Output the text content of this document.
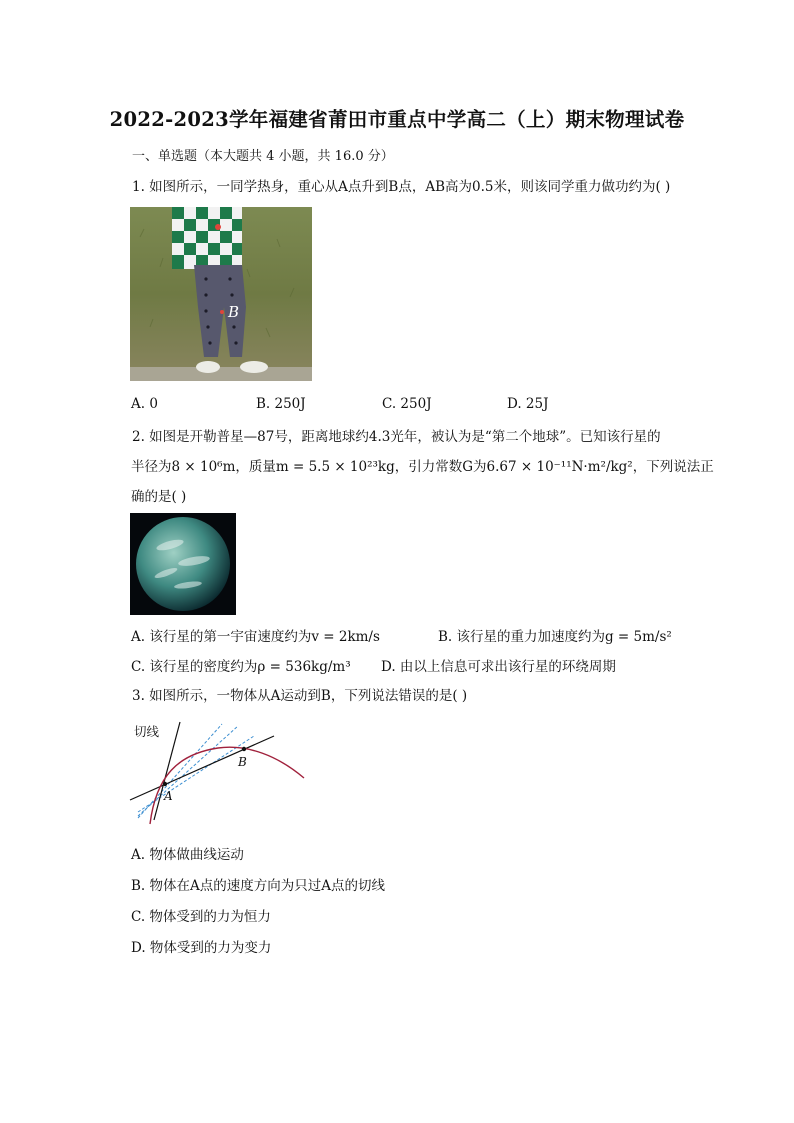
2022-2023学年福建省莆田市重点中学高二（上）期末物理试卷
一、单选题（本大题共 4 小题，共 16.0 分）
1. 如图所示，一同学热身，重心从A点升到B点，AB高为0.5米，则该同学重力做功约为( )
B
A. 0	B. 250J	C. 250J	D. 25J
2. 如图是开勒普星—87号，距离地球约4.3光年，被认为是“第二个地球”。已知该行星的
半径为8 × 10⁶m，质量m = 5.5 × 10²³kg，引力常数G为6.67 × 10⁻¹¹N·m²/kg²，下列说法正
确的是( )
A. 该行星的第一宇宙速度约为v = 2km/s	B. 该行星的重力加速度约为g = 5m/s²
C. 该行星的密度约为ρ = 536kg/m³ D. 由以上信息可求出该行星的环绕周期
3. 如图所示，一物体从A运动到B，下列说法错误的是( )
切线
A
B
A. 物体做曲线运动
B. 物体在A点的速度方向为只过A点的切线
C. 物体受到的力为恒力
D. 物体受到的力为变力
